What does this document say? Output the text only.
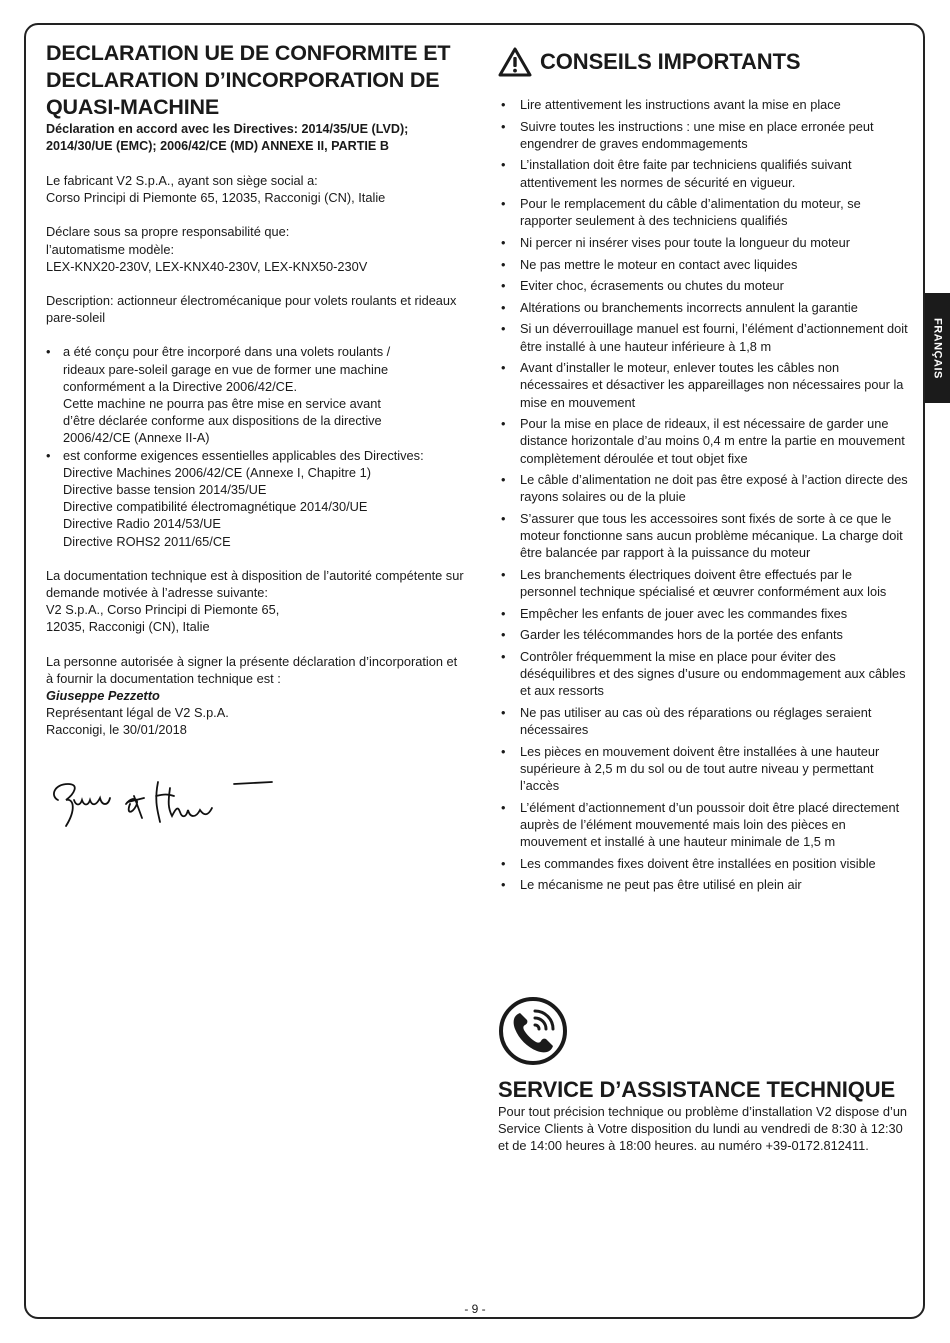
DECLARATION UE DE CONFORMITE ET
DECLARATION D’INCORPORATION DE
QUASI-MACHINE

Déclaration en accord avec les Directives: 2014/35/UE (LVD); 2014/30/UE (EMC); 2006/42/CE (MD) ANNEXE II, PARTIE B

Le fabricant V2 S.p.A., ayant son siège social a:
Corso Principi di Piemonte 65, 12035, Racconigi (CN), Italie

Déclare sous sa propre responsabilité que:
l’automatisme modèle:
LEX-KNX20-230V, LEX-KNX40-230V, LEX-KNX50-230V

Description: actionneur électromécanique pour volets roulants et rideaux pare-soleil

• a été conçu pour être incorporé dans una volets roulants /
rideaux pare-soleil garage en vue de former une machine
conformément a la Directive 2006/42/CE.
Cette machine ne pourra pas être mise en service avant
d’être déclarée conforme aux dispositions de la directive
2006/42/CE (Annexe II-A)
• est conforme exigences essentielles applicables des Directives:
Directive Machines 2006/42/CE (Annexe I, Chapitre 1)
Directive basse tension 2014/35/UE
Directive compatibilité électromagnétique 2014/30/UE
Directive Radio 2014/53/UE
Directive ROHS2 2011/65/CE

La documentation technique est à disposition de l’autorité compétente sur demande motivée à l’adresse suivante:
V2 S.p.A., Corso Principi di Piemonte 65,
12035, Racconigi (CN), Italie

La personne autorisée à signer la présente déclaration d’incorporation et à fournir la documentation technique est :
Giuseppe Pezzetto
Représentant légal de V2 S.p.A.
Racconigi, le 30/01/2018
CONSEILS IMPORTANTS
• Lire attentivement les instructions avant la mise en place
• Suivre toutes les instructions : une mise en place erronée peut engendrer de graves endommagements
• L’installation doit être faite par techniciens qualifiés suivant attentivement les normes de sécurité en vigueur.
• Pour le remplacement du câble d’alimentation du moteur, se rapporter seulement à des techniciens qualifiés
• Ni percer ni insérer vises pour toute la longueur du moteur
• Ne pas mettre le moteur en contact avec liquides
• Eviter choc, écrasements ou chutes du moteur
• Altérations ou branchements incorrects annulent la garantie
• Si un déverrouillage manuel est fourni, l’élément d’actionnement doit être installé à une hauteur inférieure à 1,8 m
• Avant d’installer le moteur, enlever toutes les câbles non nécessaires et désactiver les appareillages non nécessaires pour la mise en mouvement
• Pour la mise en place de rideaux, il est nécessaire de garder une distance horizontale d’au moins 0,4 m entre la partie en mouvement complètement déroulée et tout objet fixe
• Le câble d’alimentation ne doit pas être exposé à l’action directe des rayons solaires ou de la pluie
• S’assurer que tous les accessoires sont fixés de sorte à ce que le moteur fonctionne sans aucun problème mécanique. La charge doit être balancée par rapport à la puissance du moteur
• Les branchements électriques doivent être effectués par le personnel technique spécialisé et œuvrer conformément aux lois
• Empêcher les enfants de jouer avec les commandes fixes
• Garder les télécommandes hors de la portée des enfants
• Contrôler fréquemment la mise en place pour éviter des déséquilibres et des signes d’usure ou endommagement aux câbles et aux ressorts
• Ne pas utiliser au cas où des réparations ou réglages seraient nécessaires
• Les pièces en mouvement doivent être installées à une hauteur supérieure à 2,5 m du sol ou de tout autre niveau y permettant l’accès
• L’élément d’actionnement d’un poussoir doit être placé directement auprès de l’élément mouvementé mais loin des pièces en mouvement et installé à une hauteur minimale de 1,5 m
• Les commandes fixes doivent être installées en position visible
• Le mécanisme ne peut pas être utilisé en plein air
SERVICE D’ASSISTANCE TECHNIQUE

Pour tout précision technique ou problème d’installation V2 dispose d’un Service Clients à Votre disposition du lundi au vendredi de 8:30 à 12:30 et de 14:00 heures à 18:00 heures. au numéro +39-0172.812411.

FRANÇAIS
- 9 -
